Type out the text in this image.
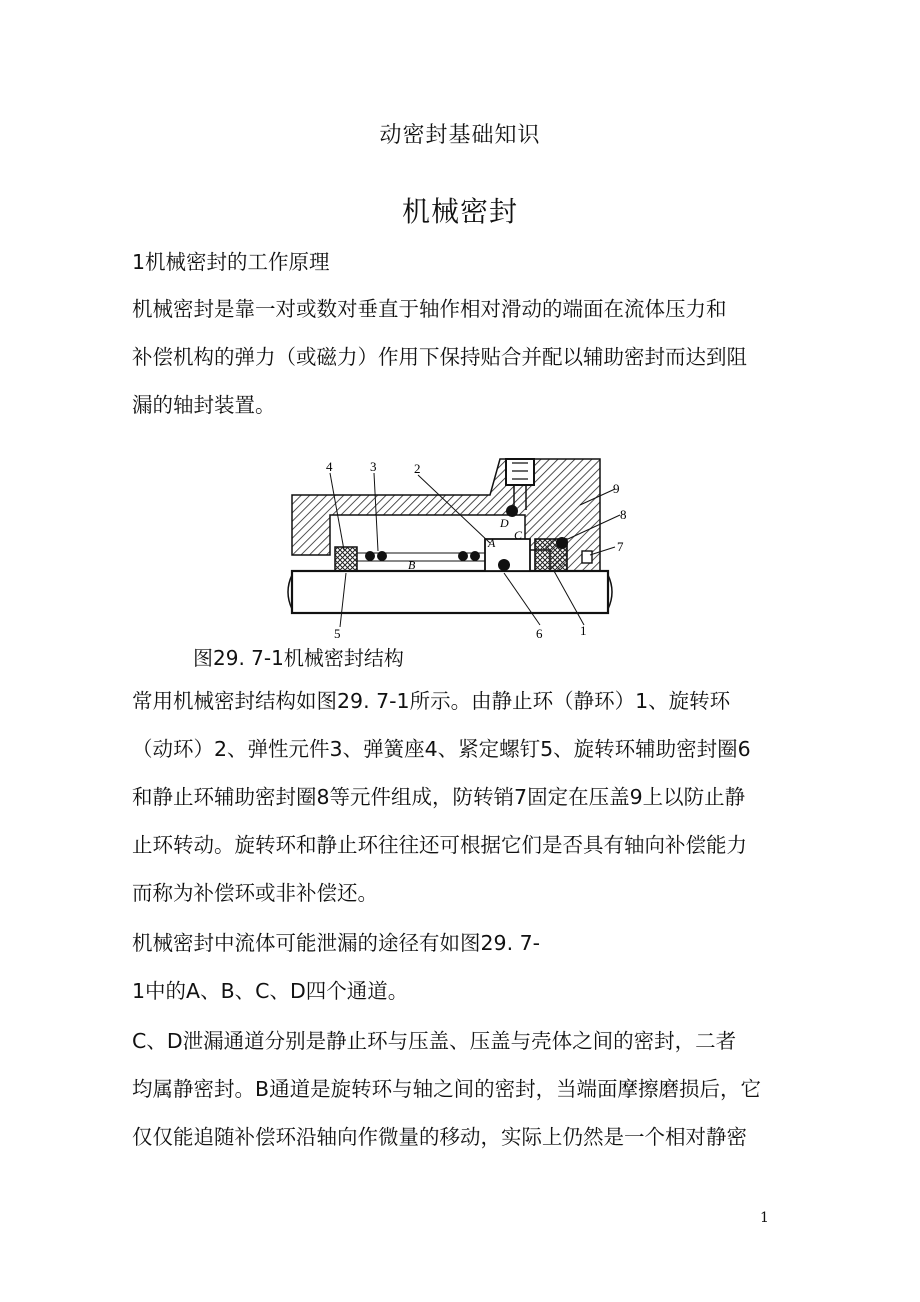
动密封基础知识
机械密封
1机械密封的工作原理
机械密封是靠一对或数对垂直于轴作相对滑动的端面在流体压力和
补偿机构的弹力（或磁力）作用下保持贴合并配以辅助密封而达到阻
漏的轴封装置。
4	3	2
9
D
8
C
A	7
B
5	6	1
图29. 7-1机械密封结构
常用机械密封结构如图29. 7-1所示。由静止环（静环）1、旋转环
（动环）2、弹性元件3、弹簧座4、紧定螺钉5、旋转环辅助密封圈6
和静止环辅助密封圈8等元件组成，防转销7固定在压盖9上以防止静
止环转动。旋转环和静止环往往还可根据它们是否具有轴向补偿能力
而称为补偿环或非补偿还。
机械密封中流体可能泄漏的途径有如图29. 7-
1中的A、B、C、D四个通道。
C、D泄漏通道分别是静止环与压盖、压盖与壳体之间的密封，二者
均属静密封。B通道是旋转环与轴之间的密封，当端面摩擦磨损后，它
仅仅能追随补偿环沿轴向作微量的移动，实际上仍然是一个相对静密
1
